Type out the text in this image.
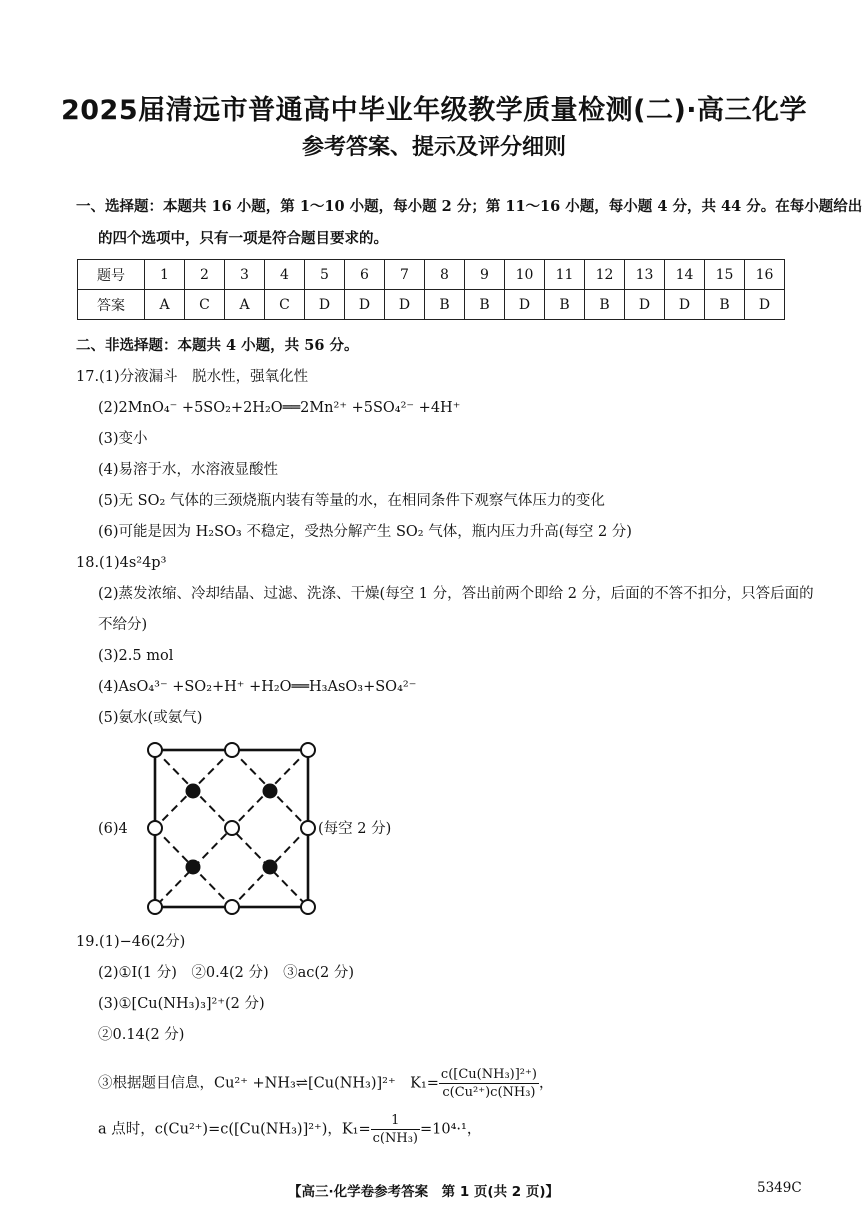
2025届清远市普通高中毕业年级教学质量检测(二)·高三化学
参考答案、提示及评分细则
一、选择题：本题共 16 小题，第 1～10 小题，每小题 2 分；第 11～16 小题，每小题 4 分，共 44 分。在每小题给出
的四个选项中，只有一项是符合题目要求的。
题号	1	2	3	4	5	6	7	8	9	10	11	12	13	14	15	16
答案	A	C	A	C	D	D	D	B	B	D	B	B	D	D	B	D
二、非选择题：本题共 4 小题，共 56 分。
17.(1)分液漏斗　脱水性，强氧化性
(2)2MnO₄⁻ +5SO₂+2H₂O══2Mn²⁺ +5SO₄²⁻ +4H⁺
(3)变小
(4)易溶于水，水溶液显酸性
(5)无 SO₂ 气体的三颈烧瓶内装有等量的水，在相同条件下观察气体压力的变化
(6)可能是因为 H₂SO₃ 不稳定，受热分解产生 SO₂ 气体，瓶内压力升高(每空 2 分)
18.(1)4s²4p³
(2)蒸发浓缩、冷却结晶、过滤、洗涤、干燥(每空 1 分，答出前两个即给 2 分，后面的不答不扣分，只答后面的
不给分)
(3)2.5 mol
(4)AsO₄³⁻ +SO₂+H⁺ +H₂O══H₃AsO₃+SO₄²⁻
(5)氨水(或氨气)
(6)4	(每空 2 分)
19.(1)−46(2分)
(2)①Ⅰ(1 分)　②0.4(2 分)　③ac(2 分)
(3)①[Cu(NH₃)₃]²⁺(2 分)
②0.14(2 分)
③根据题目信息，Cu²⁺ +NH₃⇌[Cu(NH₃)]²⁺　$K_1= \frac{\text{c([Cu(NH₃)]²⁺)}}{\text{c(Cu²⁺)c(NH₃)}}$ ，
a 点时，c(Cu²⁺)=c([Cu(NH₃)]²⁺)，$K_1= \frac{1}{\text{c(NH₃)}} =10^4\cdot^1$，
【高三·化学卷参考答案　第 1 页(共 2 页)】	5349C
